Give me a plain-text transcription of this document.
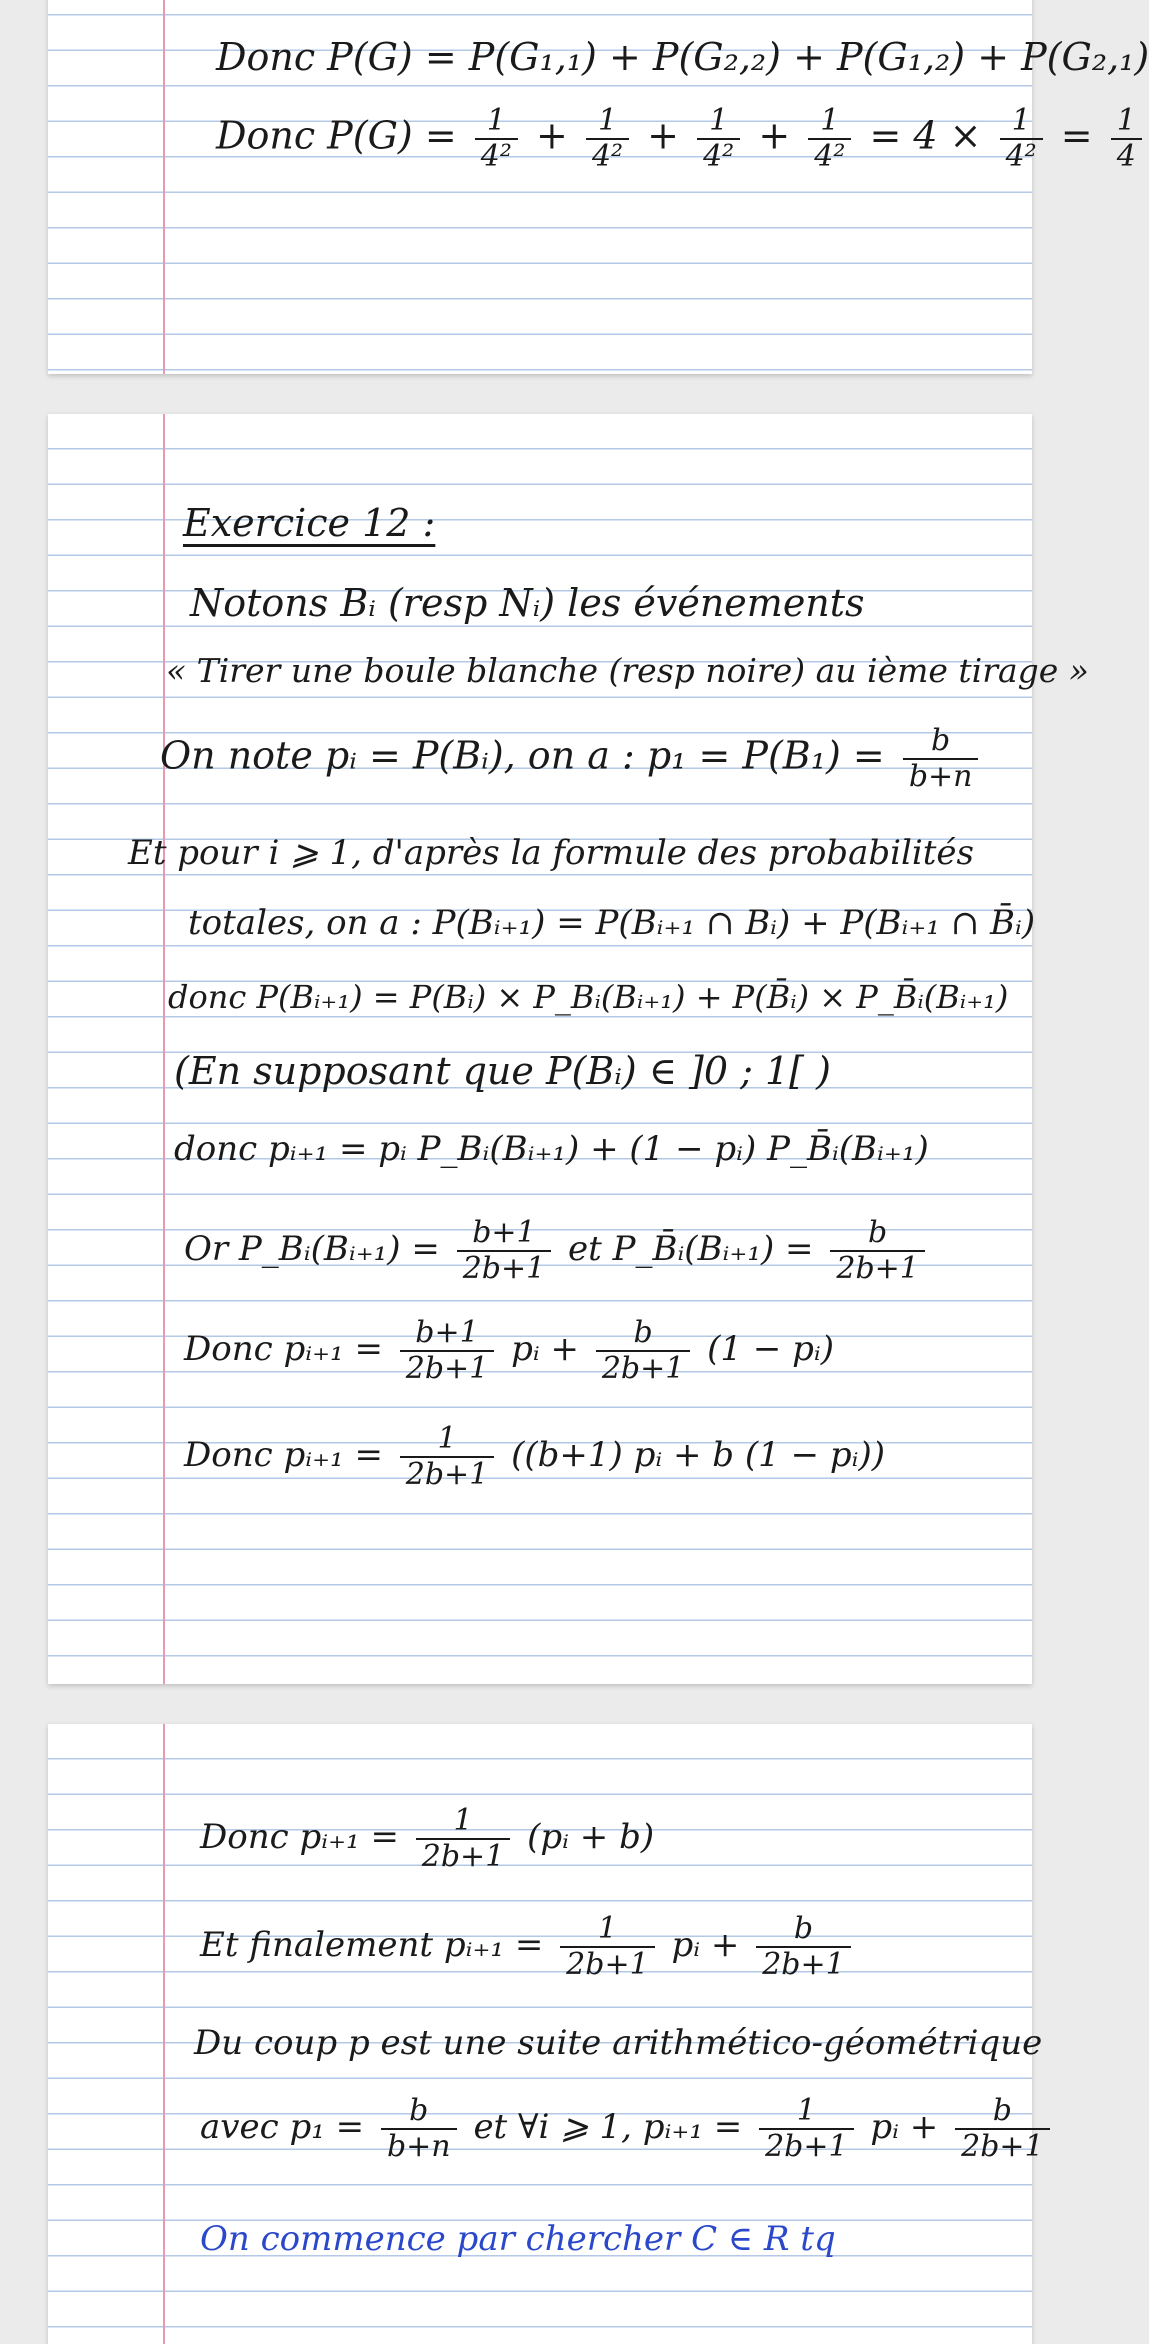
Donc P(G) = P(G₁,₁) + P(G₂,₂) + P(G₁,₂) + P(G₂,₁)

Donc $P(G) = \frac{1}{\text{4²}} + \frac{1}{\text{4²}} + \frac{1}{\text{4²}} + \frac{1}{\text{4²}} = 4 \times \frac{1}{\text{4²}} = \frac{1}{4}$

Exercice 12 :

Notons Bᵢ (resp Nᵢ) les événements

« Tirer une boule blanche (resp noire) au ième tirage »

On note pᵢ = P(Bᵢ), on a : $p_1 = P(B_1) = \frac{b}{b+n}$

Et pour i ⩾ 1, d'après la formule des probabilités

totales, on a : P(Bᵢ₊₁) = P(Bᵢ₊₁ ∩ Bᵢ) + P(Bᵢ₊₁ ∩ B̄ᵢ)

donc P(Bᵢ₊₁) = P(Bᵢ) × P_Bᵢ(Bᵢ₊₁) + P(B̄ᵢ) × P_B̄ᵢ(Bᵢ₊₁)

(En supposant que P(Bᵢ) ∈ ]0 ; 1[ )

donc pᵢ₊₁ = pᵢ P_Bᵢ(Bᵢ₊₁) + (1 − pᵢ) P_B̄ᵢ(Bᵢ₊₁)

Or P_Bᵢ(Bᵢ₊₁) = $\frac{b+1}{2b+1}$ et P_B̄ᵢ(Bᵢ₊₁) = $\frac{b}{2b+1}$

Donc pᵢ₊₁ = $\frac{b+1}{2b+1}$ pᵢ + $\frac{b}{2b+1} (1$ − pᵢ)

Donc pᵢ₊₁ = $\frac{1}{2b+1} ((b+1)$ pᵢ + b (1 − pᵢ))

Donc pᵢ₊₁ = $\frac{1}{2b+1}$ (pᵢ + b)

Et finalement pᵢ₊₁ = $\frac{1}{2b+1}$ pᵢ + $\frac{b}{2b+1}$

Du coup p est une suite arithmético-géométrique

avec $p_1 = \frac{b}{b+n}$ et ∀i ⩾ 1, pᵢ₊₁ = $\frac{1}{2b+1}$ pᵢ + $\frac{b}{2b+1}$

On commence par chercher C ∈ R tq
